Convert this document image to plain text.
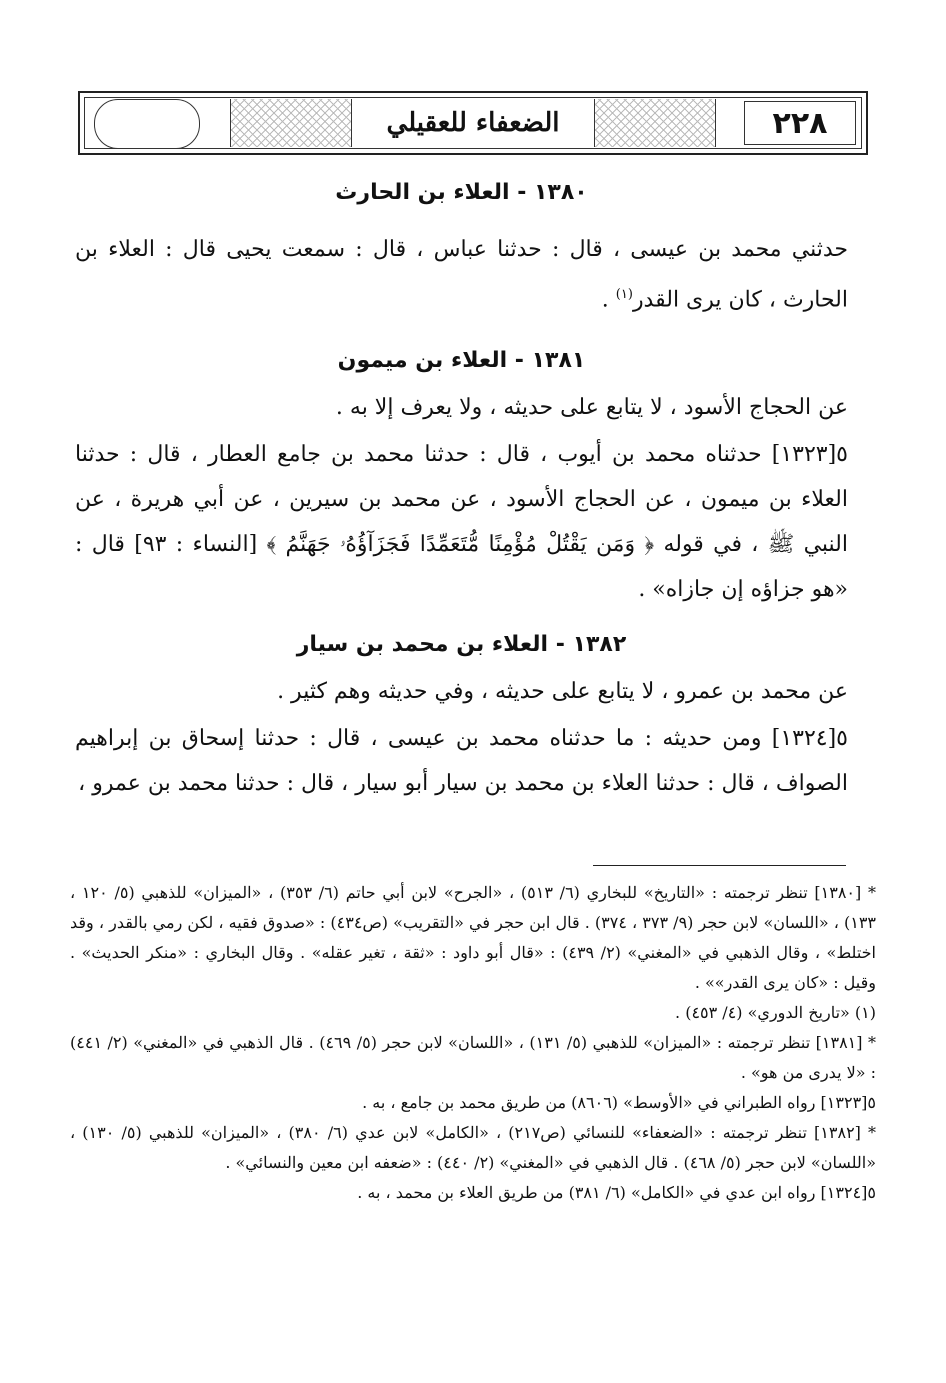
٢٢٨
الضعفاء للعقيلي
١٣٨٠ - العلاء بن الحارث

حدثني محمد بن عيسى ، قال : حدثنا عباس ، قال : سمعت يحيى قال : العلاء بن الحارث ، كان يرى القدر$^{(١)}$ .

١٣٨١ - العلاء بن ميمون

عن الحجاج الأسود ، لا يتابع على حديثه ، ولا يعرف إلا به .

٥[١٣٢٣] حدثناه محمد بن أيوب ، قال : حدثنا محمد بن جامع العطار ، قال : حدثنا العلاء بن ميمون ، عن الحجاج الأسود ، عن محمد بن سيرين ، عن أبي هريرة ، عن النبي ﷺ ، في قوله ﴿ وَمَن يَقْتُلْ مُؤْمِنًا مُّتَعَمِّدًا فَجَزَآؤُهُۥ جَهَنَّمُ ﴾ [النساء : ٩٣] قال : «هو جزاؤه إن جازاه» .

١٣٨٢ - العلاء بن محمد بن سيار

عن محمد بن عمرو ، لا يتابع على حديثه ، وفي حديثه وهم كثير .

٥[١٣٢٤] ومن حديثه : ما حدثناه محمد بن عيسى ، قال : حدثنا إسحاق بن إبراهيم الصواف ، قال : حدثنا العلاء بن محمد بن سيار أبو سيار ، قال : حدثنا محمد بن عمرو ،

* [١٣٨٠] تنظر ترجمته : «التاريخ» للبخاري (٦/ ٥١٣) ، «الجرح» لابن أبي حاتم (٦/ ٣٥٣) ، «الميزان» للذهبي (٥/ ١٢٠ ، ١٣٣) ، «اللسان» لابن حجر (٩/ ٣٧٣ ، ٣٧٤) . قال ابن حجر في «التقريب» (ص٤٣٤) : «صدوق فقيه ، لكن رمي بالقدر ، وقد اختلط» ، وقال الذهبي في «المغني» (٢/ ٤٣٩) : «قال أبو داود : «ثقة ، تغير عقله» . وقال البخاري : «منكر الحديث» . وقيل : «كان يرى القدر»» .

(١) «تاريخ الدوري» (٤/ ٤٥٣) .

* [١٣٨١] تنظر ترجمته : «الميزان» للذهبي (٥/ ١٣١) ، «اللسان» لابن حجر (٥/ ٤٦٩) . قال الذهبي في «المغني» (٢/ ٤٤١) : «لا يدرى من هو» .

٥[١٣٢٣] رواه الطبراني في «الأوسط» (٨٦٠٦) من طريق محمد بن جامع ، به .

* [١٣٨٢] تنظر ترجمته : «الضعفاء» للنسائي (ص٢١٧) ، «الكامل» لابن عدي (٦/ ٣٨٠) ، «الميزان» للذهبي (٥/ ١٣٠) ، «اللسان» لابن حجر (٥/ ٤٦٨) . قال الذهبي في «المغني» (٢/ ٤٤٠) : «ضعفه ابن معين والنسائي» .

٥[١٣٢٤] رواه ابن عدي في «الكامل» (٦/ ٣٨١) من طريق العلاء بن محمد ، به .
